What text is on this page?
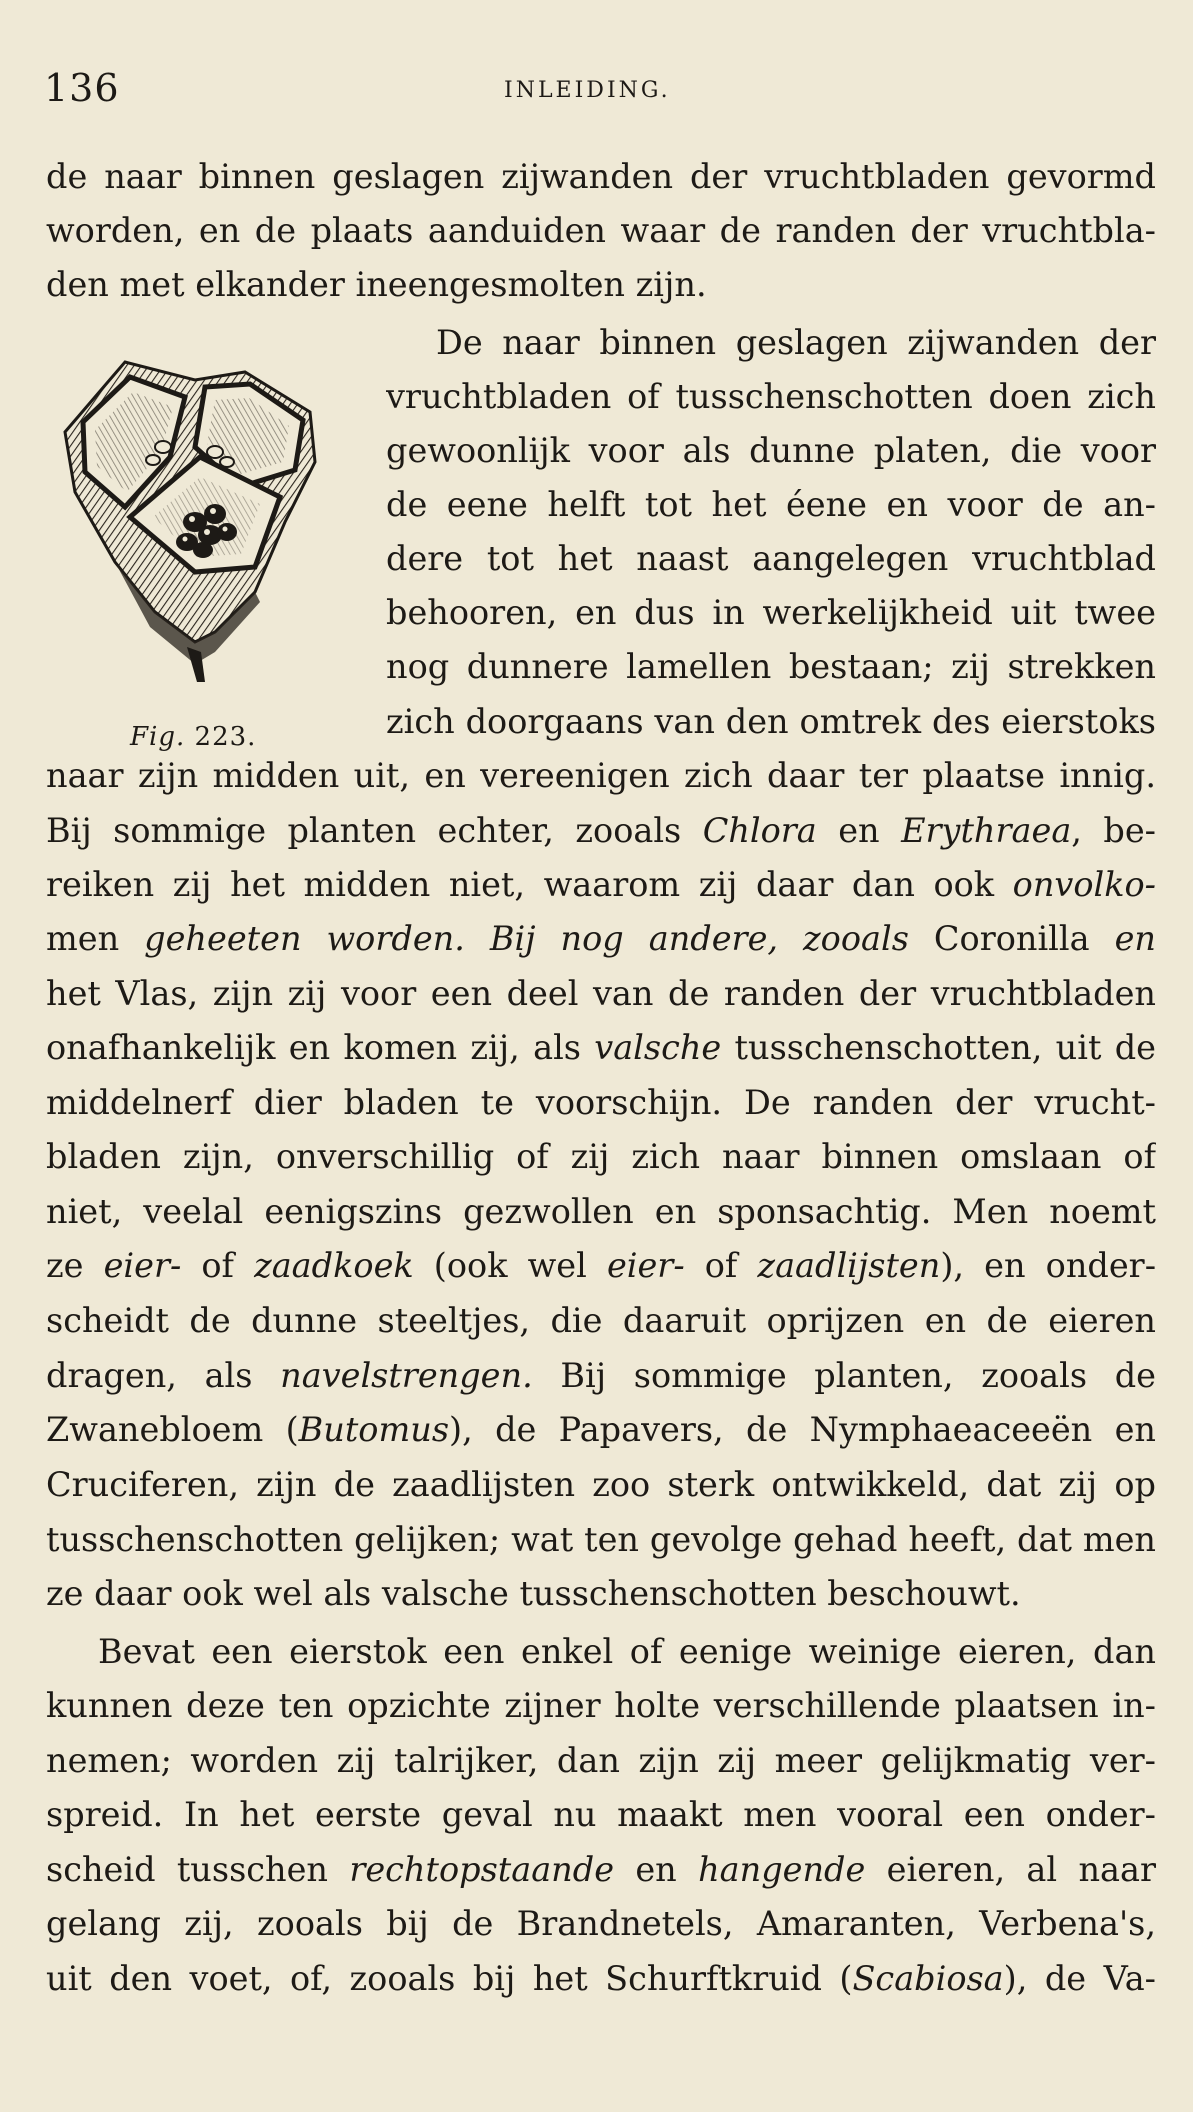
136	INLEIDING.
Fig. 223.
de naar binnen geslagen zijwanden der vruchtbladen gevormd
worden, en de plaats aanduiden waar de randen der vruchtbla-
den met elkander ineengesmolten zijn.
De naar binnen geslagen zijwanden der
vruchtbladen of tusschenschotten doen zich
gewoonlijk voor als dunne platen, die voor
de eene helft tot het éene en voor de an-
dere tot het naast aangelegen vruchtblad
behooren, en dus in werkelijkheid uit twee
nog dunnere lamellen bestaan; zij strekken
zich doorgaans van den omtrek des eierstoks
naar zijn midden uit, en vereenigen zich daar ter plaatse innig.
Bij sommige planten echter, zooals Chlora en Erythraea, be-
reiken zij het midden niet, waarom zij daar dan ook onvolko-
men geheeten worden. Bij nog andere, zooals Coronilla en
het Vlas, zijn zij voor een deel van de randen der vruchtbladen
onafhankelijk en komen zij, als valsche tusschenschotten, uit de
middelnerf dier bladen te voorschijn. De randen der vrucht-
bladen zijn, onverschillig of zij zich naar binnen omslaan of
niet, veelal eenigszins gezwollen en sponsachtig. Men noemt
ze eier- of zaadkoek (ook wel eier- of zaadlijsten), en onder-
scheidt de dunne steeltjes, die daaruit oprijzen en de eieren
dragen, als navelstrengen. Bij sommige planten, zooals de
Zwanebloem (Butomus), de Papavers, de Nymphaeaceeën en
Cruciferen, zijn de zaadlijsten zoo sterk ontwikkeld, dat zij op
tusschenschotten gelijken; wat ten gevolge gehad heeft, dat men
ze daar ook wel als valsche tusschenschotten beschouwt.
Bevat een eierstok een enkel of eenige weinige eieren, dan
kunnen deze ten opzichte zijner holte verschillende plaatsen in-
nemen; worden zij talrijker, dan zijn zij meer gelijkmatig ver-
spreid. In het eerste geval nu maakt men vooral een onder-
scheid tusschen rechtopstaande en hangende eieren, al naar
gelang zij, zooals bij de Brandnetels, Amaranten, Verbena's,
uit den voet, of, zooals bij het Schurftkruid (Scabiosa), de Va-
